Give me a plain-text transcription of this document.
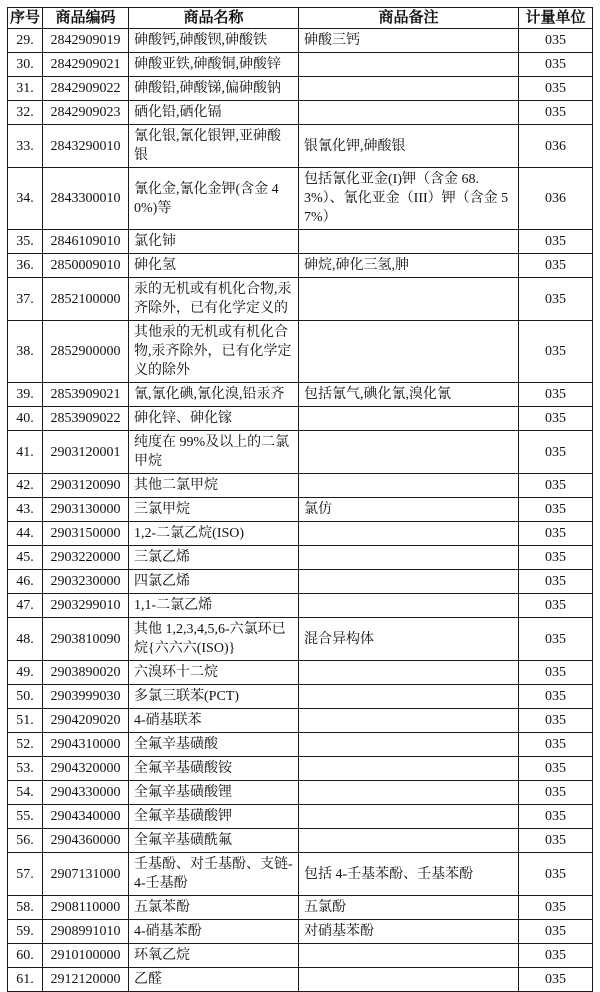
序号	商品编码	商品名称	商品备注	计量单位
29.	2842909019	砷酸钙,砷酸钡,砷酸铁	砷酸三钙	035
30.	2842909021	砷酸亚铁,砷酸铜,砷酸锌		035
31.	2842909022	砷酸铅,砷酸锑,偏砷酸钠		035
32.	2842909023	硒化铅,硒化镉		035
33.	2843290010	氰化银,氰化银钾,亚砷酸银	银氰化钾,砷酸银	036
34.	2843300010	氰化金,氰化金钾(含金 40%)等	包括氰化亚金(I)钾（含金 68.3%）、氰化亚金（III）钾（含金 57%）	036
35.	2846109010	氯化铈		035
36.	2850009010	砷化氢	砷烷,砷化三氢,胂	035
37.	2852100000	汞的无机或有机化合物,汞齐除外，已有化学定义的		035
38.	2852900000	其他汞的无机或有机化合物,汞齐除外，已有化学定义的除外		035
39.	2853909021	氰,氰化碘,氰化溴,铅汞齐	包括氰气,碘化氰,溴化氰	035
40.	2853909022	砷化锌、砷化镓		035
41.	2903120001	纯度在 99%及以上的二氯甲烷		035
42.	2903120090	其他二氯甲烷		035
43.	2903130000	三氯甲烷	氯仿	035
44.	2903150000	1,2-二氯乙烷(ISO)		035
45.	2903220000	三氯乙烯		035
46.	2903230000	四氯乙烯		035
47.	2903299010	1,1-二氯乙烯		035
48.	2903810090	其他 1,2,3,4,5,6-六氯环已烷{六六六(ISO)}	混合异构体	035
49.	2903890020	六溴环十二烷		035
50.	2903999030	多氯三联苯(PCT)		035
51.	2904209020	4-硝基联苯		035
52.	2904310000	全氟辛基磺酸		035
53.	2904320000	全氟辛基磺酸铵		035
54.	2904330000	全氟辛基磺酸锂		035
55.	2904340000	全氟辛基磺酸钾		035
56.	2904360000	全氟辛基磺酰氟		035
57.	2907131000	壬基酚、对壬基酚、支链-4-壬基酚	包括 4-壬基苯酚、壬基苯酚	035
58.	2908110000	五氯苯酚	五氯酚	035
59.	2908991010	4-硝基苯酚	对硝基苯酚	035
60.	2910100000	环氧乙烷		035
61.	2912120000	乙醛		035
